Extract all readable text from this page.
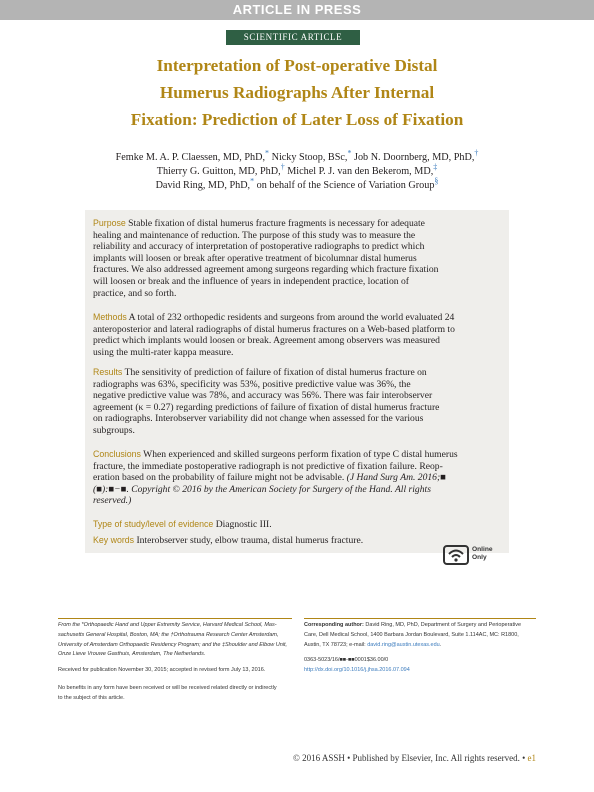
ARTICLE IN PRESS
SCIENTIFIC ARTICLE
Interpretation of Post-operative Distal
Humerus Radiographs After Internal
Fixation: Prediction of Later Loss of Fixation
Femke M. A. P. Claessen, MD, PhD,* Nicky Stoop, BSc,* Job N. Doornberg, MD, PhD,†
Thierry G. Guitton, MD, PhD,† Michel P. J. van den Bekerom, MD,‡
David Ring, MD, PhD,* on behalf of the Science of Variation Group§

Purpose Stable fixation of distal humerus fracture fragments is necessary for adequate
healing and maintenance of reduction. The purpose of this study was to measure the
reliability and accuracy of interpretation of postoperative radiographs to predict which
implants will loosen or break after operative treatment of bicolumnar distal humerus
fractures. We also addressed agreement among surgeons regarding which fracture fixation
will loosen or break and the influence of years in independent practice, location of
practice, and so forth.

Methods A total of 232 orthopedic residents and surgeons from around the world evaluated 24
anteroposterior and lateral radiographs of distal humerus fractures on a Web-based platform to
predict which implants would loosen or break. Agreement among observers was measured
using the multi-rater kappa measure.

Results The sensitivity of prediction of failure of fixation of distal humerus fracture on
radiographs was 63%, specificity was 53%, positive predictive value was 36%, the
negative predictive value was 78%, and accuracy was 56%. There was fair interobserver
agreement (κ = 0.27) regarding predictions of failure of fixation of distal humerus fracture
on radiographs. Interobserver variability did not change when assessed for the various
subgroups.

Conclusions When experienced and skilled surgeons perform fixation of type C distal humerus
fracture, the immediate postoperative radiograph is not predictive of fixation failure. Reop-
eration based on the probability of failure might not be advisable. (J Hand Surg Am. 2016;■
(■):■−■. Copyright © 2016 by the American Society for Surgery of the Hand. All rights
reserved.)

Type of study/level of evidence Diagnostic III.

Key words Interobserver study, elbow trauma, distal humerus fracture.

Online
Only
From the *Orthopaedic Hand and Upper Extremity Service, Harvard Medical School, Mas-
sachusetts General Hospital, Boston, MA; the †Orthotrauma Research Center Amsterdam,
University of Amsterdam Orthopaedic Residency Program; and the ‡Shoulder and Elbow Unit,
Onze Lieve Vrouwe Gasthuis, Amsterdam, The Netherlands.
Received for publication November 30, 2015; accepted in revised form July 13, 2016.
No benefits in any form have been received or will be received related directly or indirectly
to the subject of this article.
Corresponding author: David Ring, MD, PhD, Department of Surgery and Perioperative
Care, Dell Medical School, 1400 Barbara Jordan Boulevard, Suite 1.114AC, MC: R1800,
Austin, TX 78723; e-mail: david.ring@austin.utexas.edu.
0363-5023/16/■■-■■0001$36.00/0
http://dx.doi.org/10.1016/j.jhsa.2016.07.094
© 2016 ASSH • Published by Elsevier, Inc. All rights reserved. • e1
